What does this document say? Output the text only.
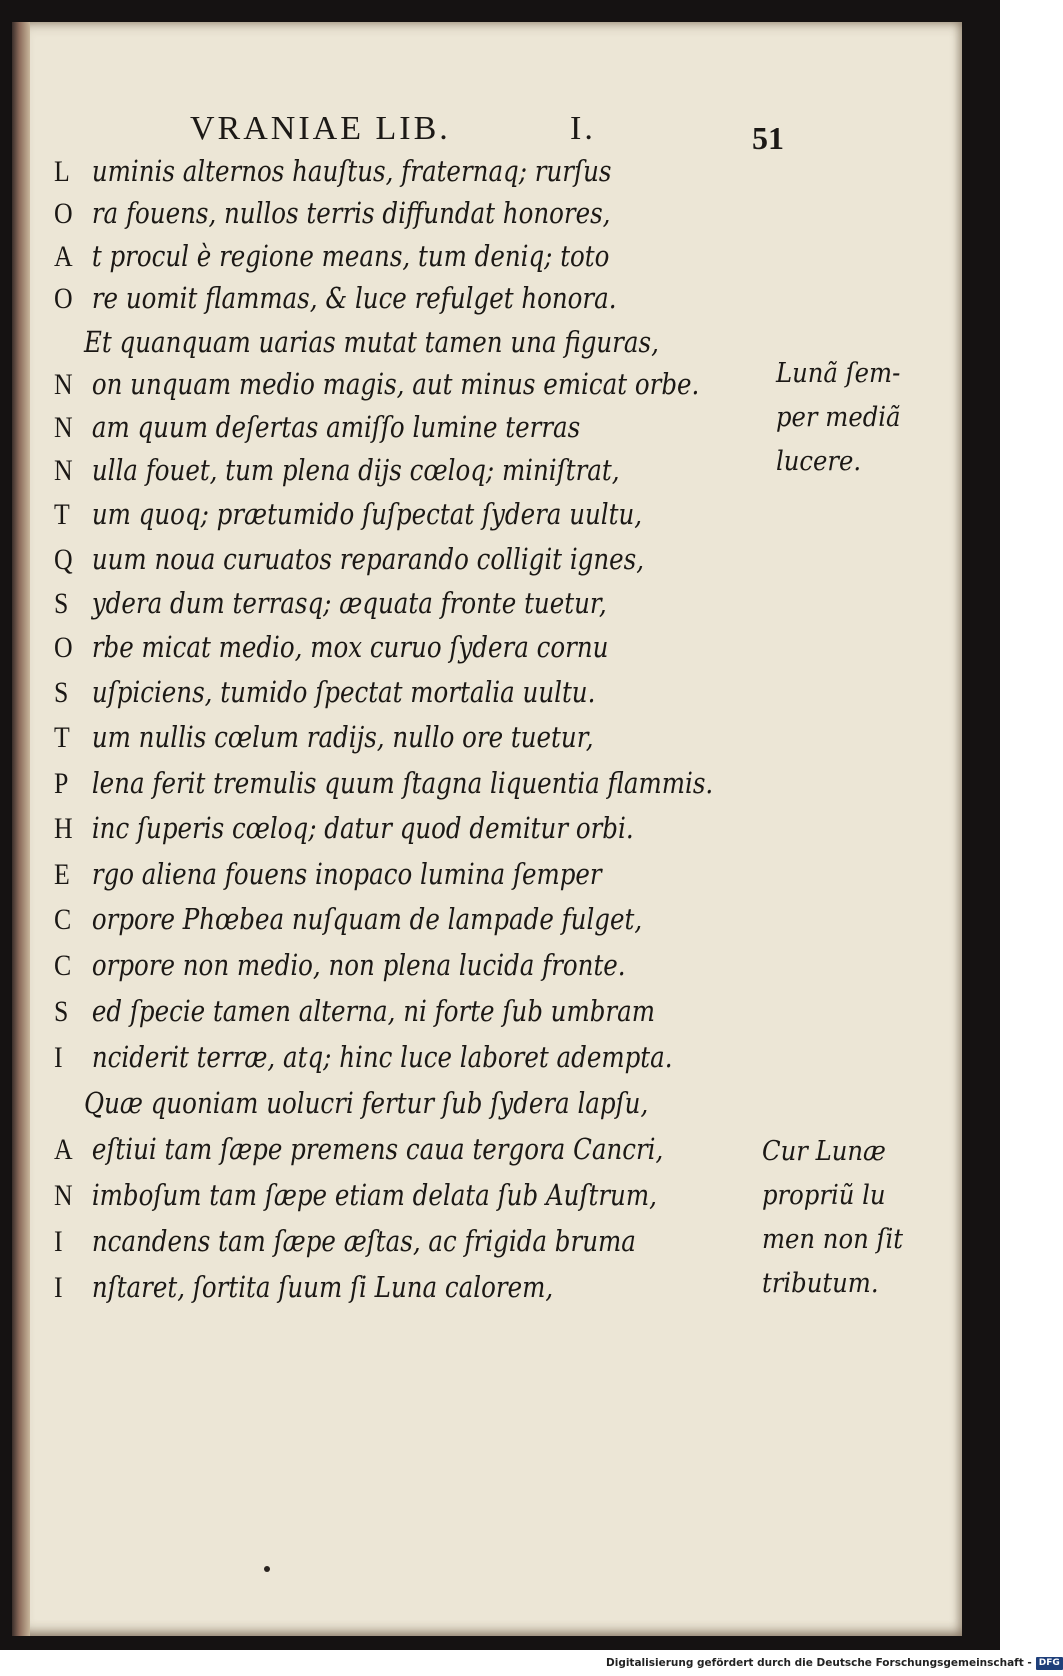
VRANIAE LIB.	I.	51
L uminis alternos hauſtus, fraternaq; rurſus
O ra fouens, nullos terris diffundat honores,
A t procul è regione means, tum deniq; toto
O re uomit flammas, & luce refulget honora.
Et quanquam uarias mutat tamen una figuras,
N on unquam medio magis, aut minus emicat orbe.
N am quum deſertas amiſſo lumine terras
N ulla fouet, tum plena dijs cœloq; miniſtrat,
T um quoq; prætumido ſuſpectat ſydera uultu,
Q uum noua curuatos reparando colligit ignes,
S ydera dum terrasq; æquata fronte tuetur,
O rbe micat medio, mox curuo ſydera cornu
S uſpiciens, tumido ſpectat mortalia uultu.
T um nullis cœlum radijs, nullo ore tuetur,
P lena ferit tremulis quum ſtagna liquentia flammis.
H inc ſuperis cœloq; datur quod demitur orbi.
E rgo aliena fouens inopaco lumina ſemper
C orpore Phœbea nuſquam de lampade fulget,
C orpore non medio, non plena lucida fronte.
S ed ſpecie tamen alterna, ni forte ſub umbram
I nciderit terræ, atq; hinc luce laboret adempta.
Quæ quoniam uolucri fertur ſub ſydera lapſu,
A eſtiui tam ſæpe premens caua tergora Cancri,
N imboſum tam ſæpe etiam delata ſub Auſtrum,
I ncandens tam ſæpe æſtas, ac frigida bruma
I nſtaret, ſortita ſuum ſi Luna calorem,
Lunã ſem-
per mediã
lucere.
Cur Lunæ
propriũ lu
men non ſit
tributum.
Digitalisierung gefördert durch die Deutsche Forschungsgemeinschaft - DFG
